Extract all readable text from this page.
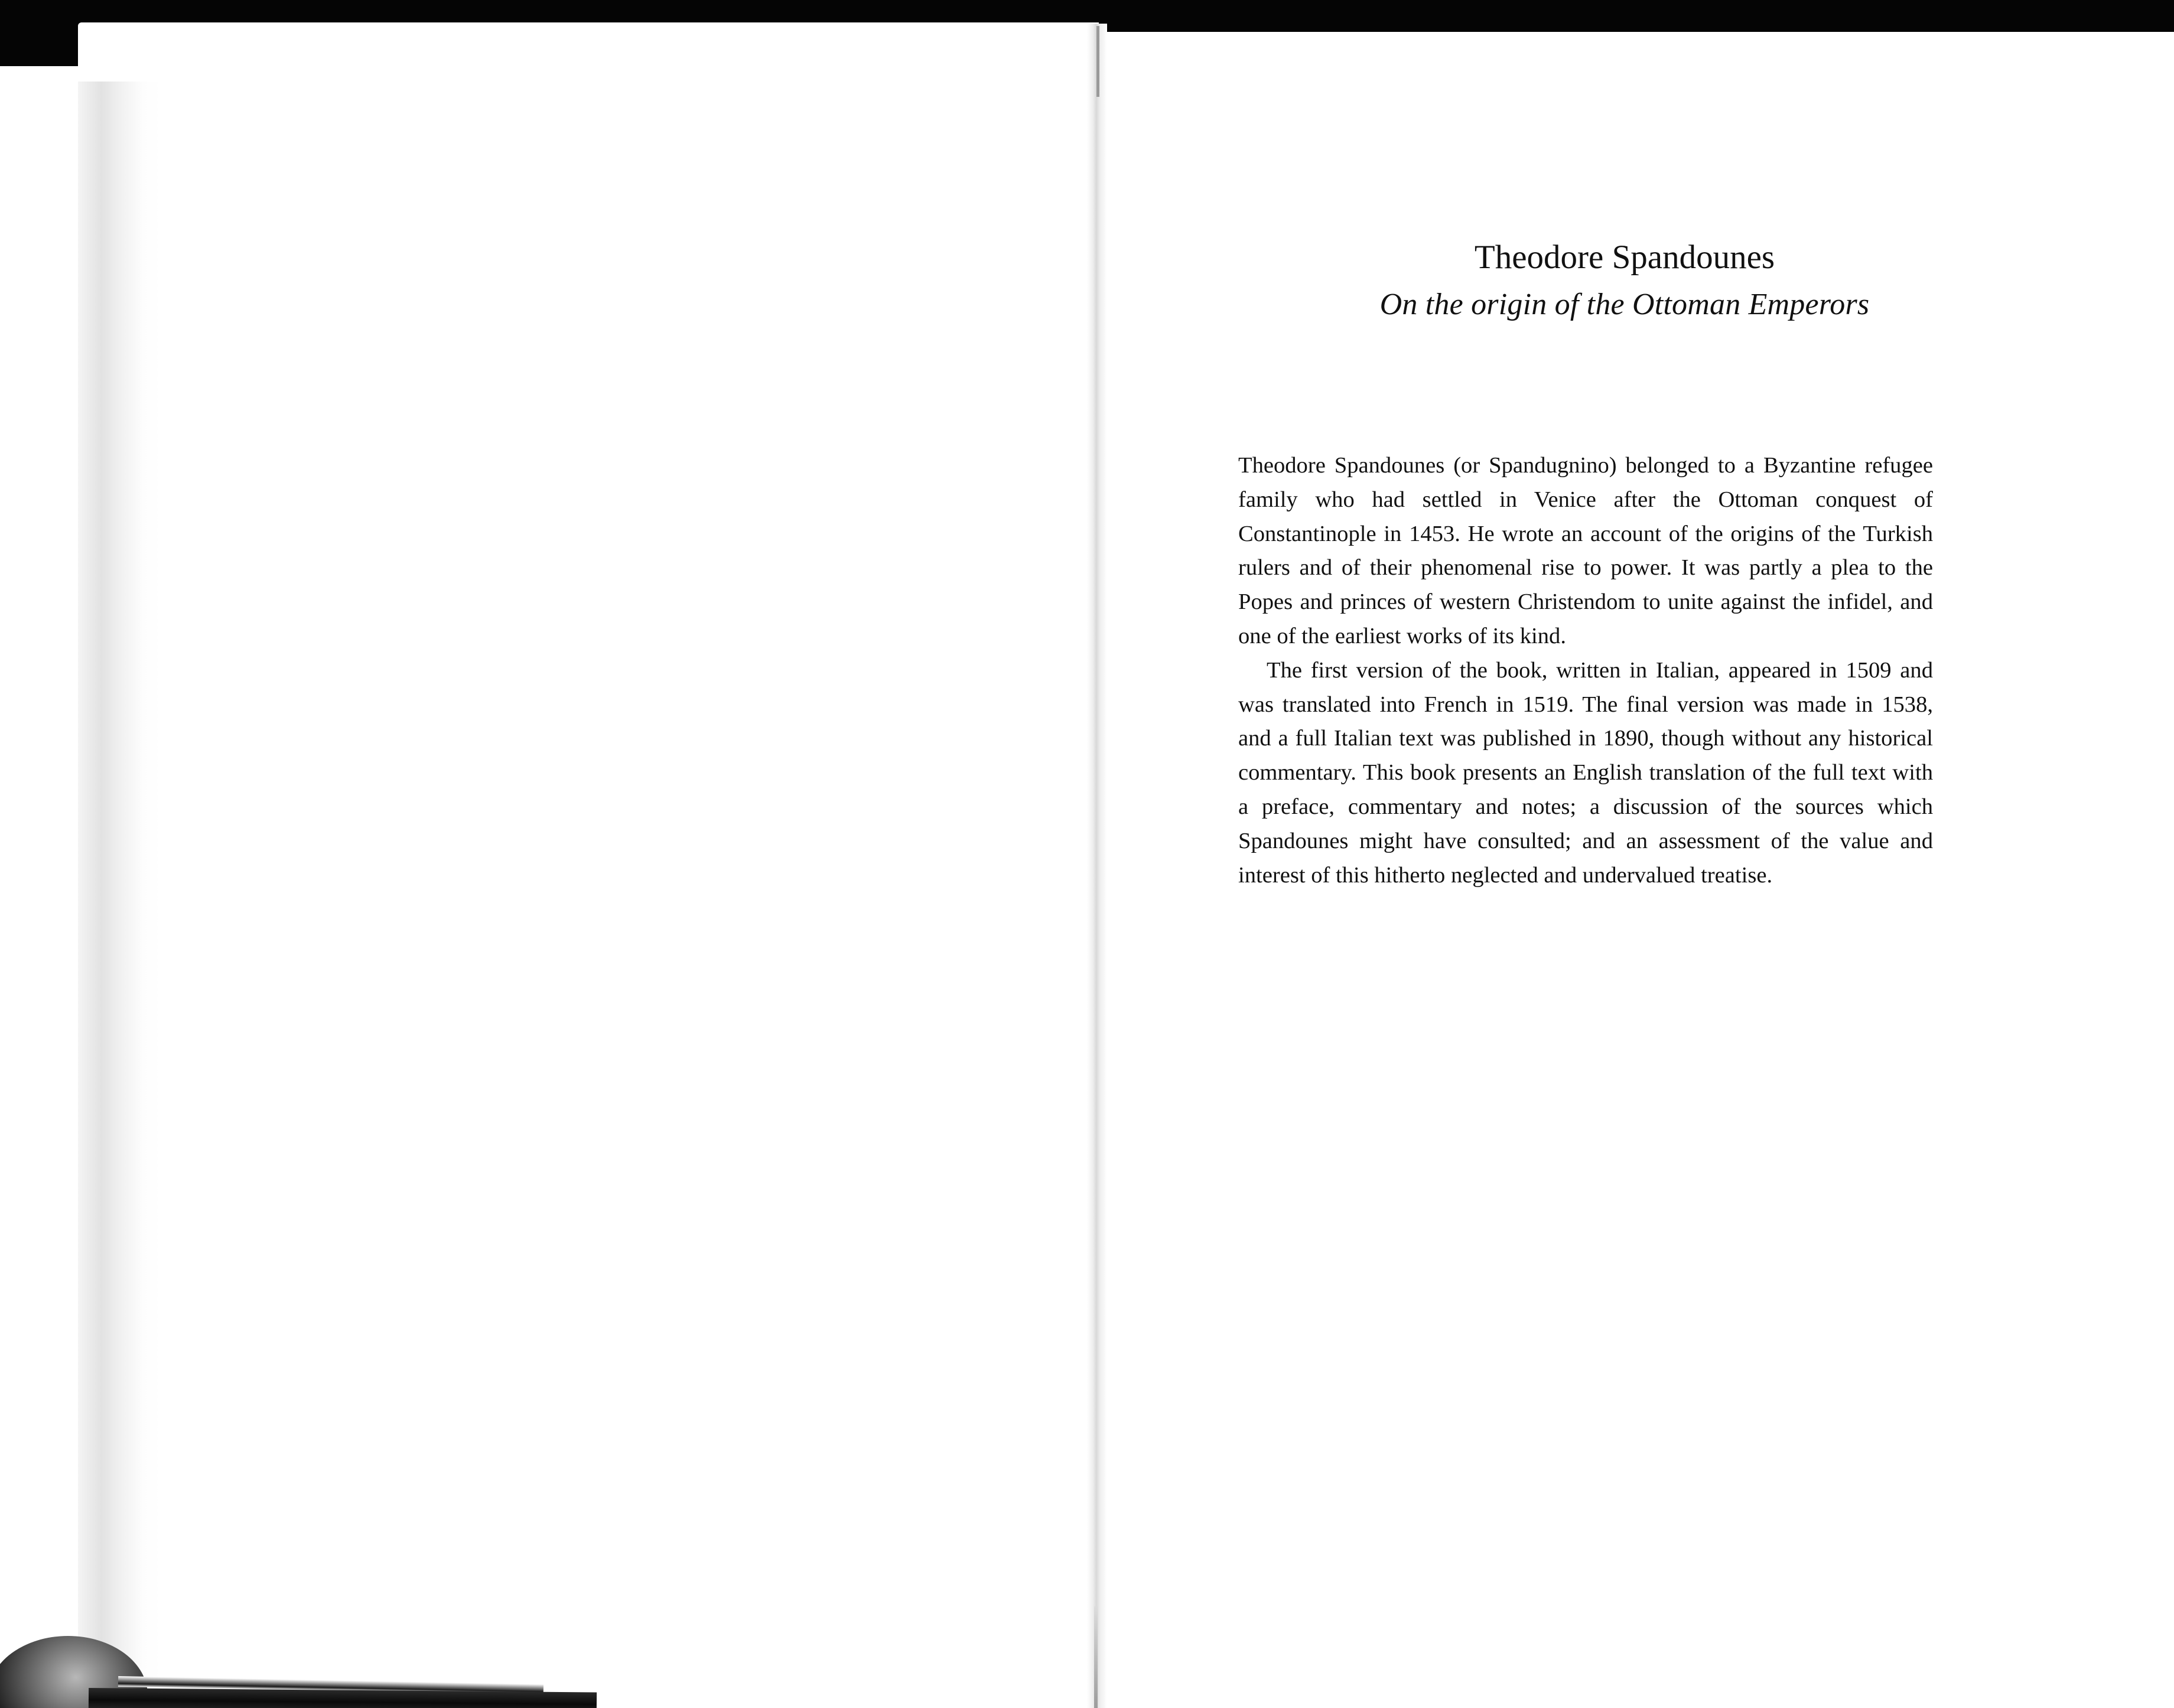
Theodore Spandounes
On the origin of the Ottoman Emperors

Theodore Spandounes (or Spandugnino) belonged to a Byzantine refugee family who had settled in Venice after the Ottoman conquest of Constantinople in 1453. He wrote an account of the origins of the Turkish rulers and of their phenomenal rise to power. It was partly a plea to the Popes and princes of western Christendom to unite against the infidel, and one of the earliest works of its kind.

The first version of the book, written in Italian, appeared in 1509 and was translated into French in 1519. The final version was made in 1538, and a full Italian text was published in 1890, though without any historical commentary. This book presents an English translation of the full text with a preface, commentary and notes; a discussion of the sources which Spandounes might have consulted; and an assessment of the value and interest of this hitherto neglected and undervalued treatise.
